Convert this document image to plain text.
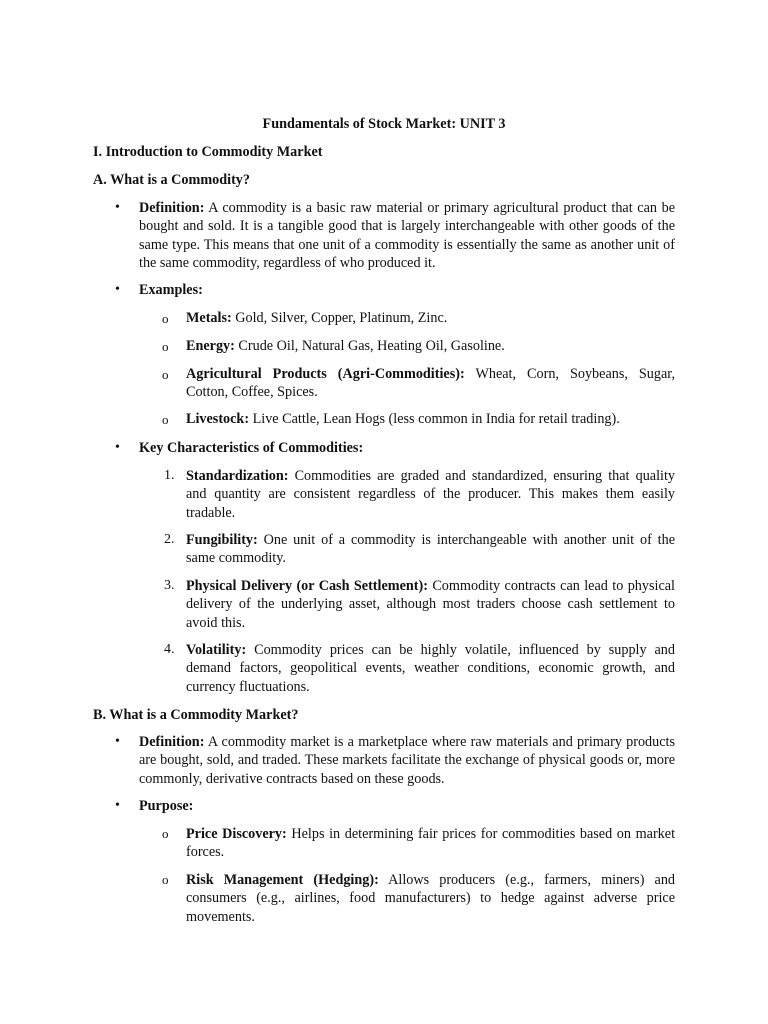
Fundamentals of Stock Market: UNIT 3
I. Introduction to Commodity Market
A. What is a Commodity?
• Definition: A commodity is a basic raw material or primary agricultural product that can be bought and sold. It is a tangible good that is largely interchangeable with other goods of the same type. This means that one unit of a commodity is essentially the same as another unit of the same commodity, regardless of who produced it.
• Examples:
o Metals: Gold, Silver, Copper, Platinum, Zinc.
o Energy: Crude Oil, Natural Gas, Heating Oil, Gasoline.
o Agricultural Products (Agri-Commodities): Wheat, Corn, Soybeans, Sugar, Cotton, Coffee, Spices.
o Livestock: Live Cattle, Lean Hogs (less common in India for retail trading).
• Key Characteristics of Commodities:
1. Standardization: Commodities are graded and standardized, ensuring that quality and quantity are consistent regardless of the producer. This makes them easily tradable.
2. Fungibility: One unit of a commodity is interchangeable with another unit of the same commodity.
3. Physical Delivery (or Cash Settlement): Commodity contracts can lead to physical delivery of the underlying asset, although most traders choose cash settlement to avoid this.
4. Volatility: Commodity prices can be highly volatile, influenced by supply and demand factors, geopolitical events, weather conditions, economic growth, and currency fluctuations.
B. What is a Commodity Market?
• Definition: A commodity market is a marketplace where raw materials and primary products are bought, sold, and traded. These markets facilitate the exchange of physical goods or, more commonly, derivative contracts based on these goods.
• Purpose:
o Price Discovery: Helps in determining fair prices for commodities based on market forces.
o Risk Management (Hedging): Allows producers (e.g., farmers, miners) and consumers (e.g., airlines, food manufacturers) to hedge against adverse price movements.
